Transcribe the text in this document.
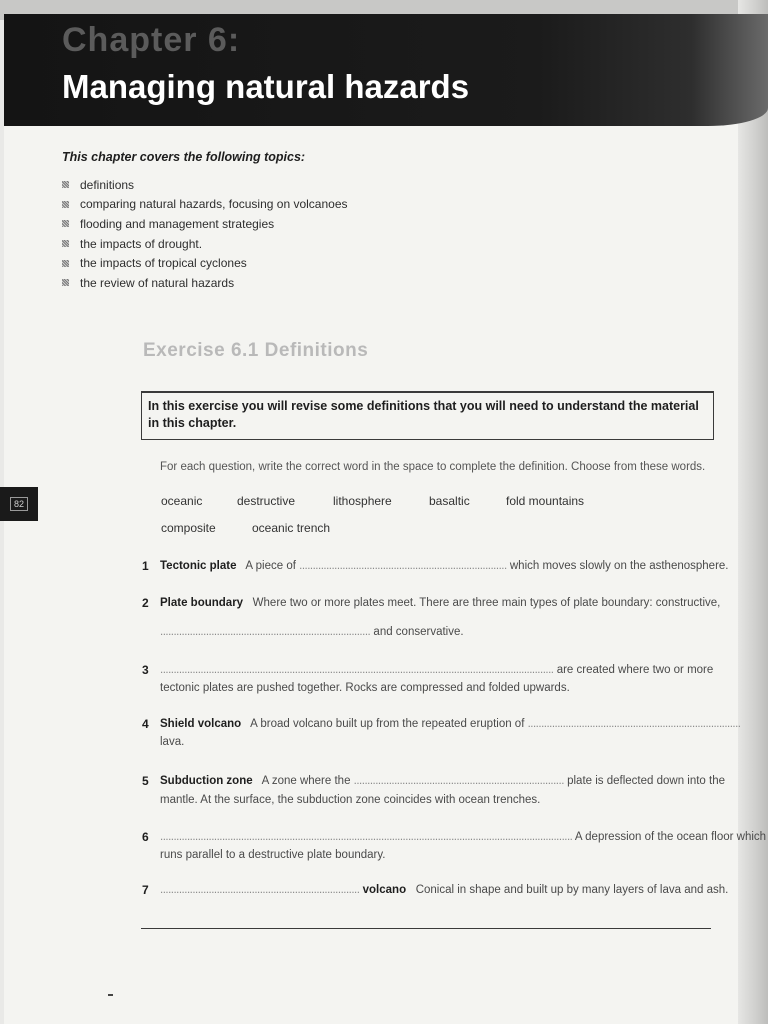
Chapter 6:
Managing natural hazards

This chapter covers the following topics:

definitions
comparing natural hazards, focusing on volcanoes
flooding and management strategies
the impacts of drought.
the impacts of tropical cyclones
the review of natural hazards
Exercise 6.1 Definitions
In this exercise you will revise some definitions that you will need to understand the material in this chapter.
For each question, write the correct word in the space to complete the definition. Choose from these words.
oceanic	destructive	lithosphere	basaltic	fold mountains
composite	oceanic trench
1 Tectonic plate A piece of ............................................................................. which moves slowly on the asthenosphere.
2 Plate boundary Where two or more plates meet. There are three main types of plate boundary: constructive,
.............................................................................. and conservative.
3 .................................................................................................................................................. are created where two or more
tectonic plates are pushed together. Rocks are compressed and folded upwards.
4 Shield volcano A broad volcano built up from the repeated eruption of ...............................................................................
lava.
5 Subduction zone A zone where the .............................................................................. plate is deflected down into the
mantle. At the surface, the subduction zone coincides with ocean trenches.
6 ......................................................................................................................................................... A depression of the ocean floor which
runs parallel to a destructive plate boundary.
7 .......................................................................... volcano Conical in shape and built up by many layers of lava and ash.
82
